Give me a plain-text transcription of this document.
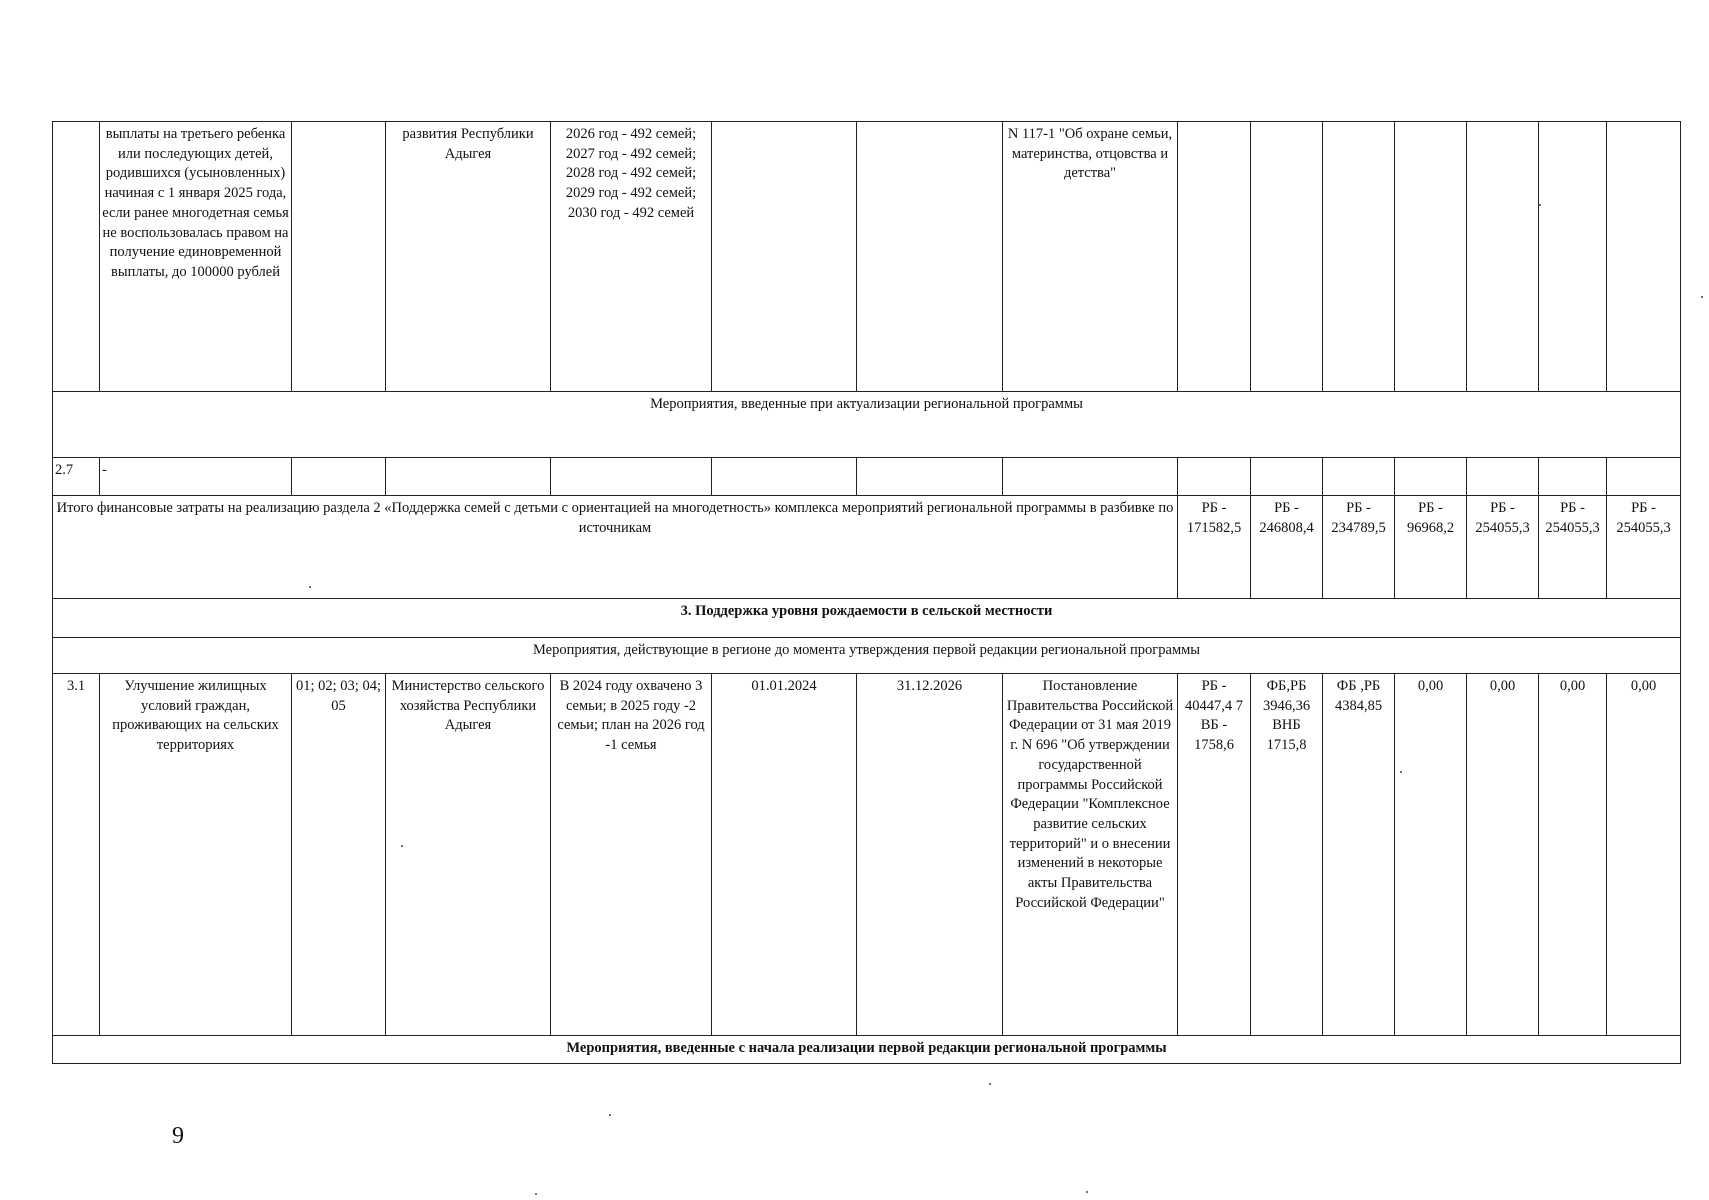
	выплаты на третьего ребенка или последующих детей, родившихся (усыновленных) начиная с 1 января 2025 года, если ранее многодетная семья не воспользовалась правом на получение единовременной выплаты, до 100000 рублей		развития Республики Адыгея	2026 год - 492 семей; 2027 год - 492 семей; 2028 год - 492 семей; 2029 год - 492 семей; 2030 год - 492 семей			N 117-1 "Об охране семьи, материнства, отцовства и детства"							
Мероприятия, введенные при актуализации региональной программы														
2.7	-													
Итого финансовые затраты на реализацию раздела 2 «Поддержка семей с детьми с ориентацией на многодетность» комплекса мероприятий региональной программы в разбивке по источникам								РБ - 171582,5	РБ - 246808,4	РБ - 234789,5	РБ - 96968,2	РБ - 254055,3	РБ - 254055,3	РБ - 254055,3
3. Поддержка уровня рождаемости в сельской местности														
Мероприятия, действующие в регионе до момента утверждения первой редакции региональной программы														
3.1	Улучшение жилищных условий граждан, проживающих на сельских территориях	01; 02; 03; 04; 05	Министерство сельского хозяйства Республики Адыгея	В 2024 году охвачено 3 семьи; в 2025 году -2 семьи; план на 2026 год -1 семья	01.01.2024	31.12.2026	Постановление Правительства Российской Федерации от 31 мая 2019 г. N 696 "Об утверждении государственной программы Российской Федерации "Комплексное развитие сельских территорий" и о внесении изменений в некоторые акты Правительства Российской Федерации"	РБ - 40447,4 7 ВБ - 1758,6	ФБ,РБ 3946,36 ВНБ 1715,8	ФБ ,РБ 4384,85	0,00	0,00	0,00	0,00
Мероприятия, введенные с начала реализации первой редакции региональной программы														
9
